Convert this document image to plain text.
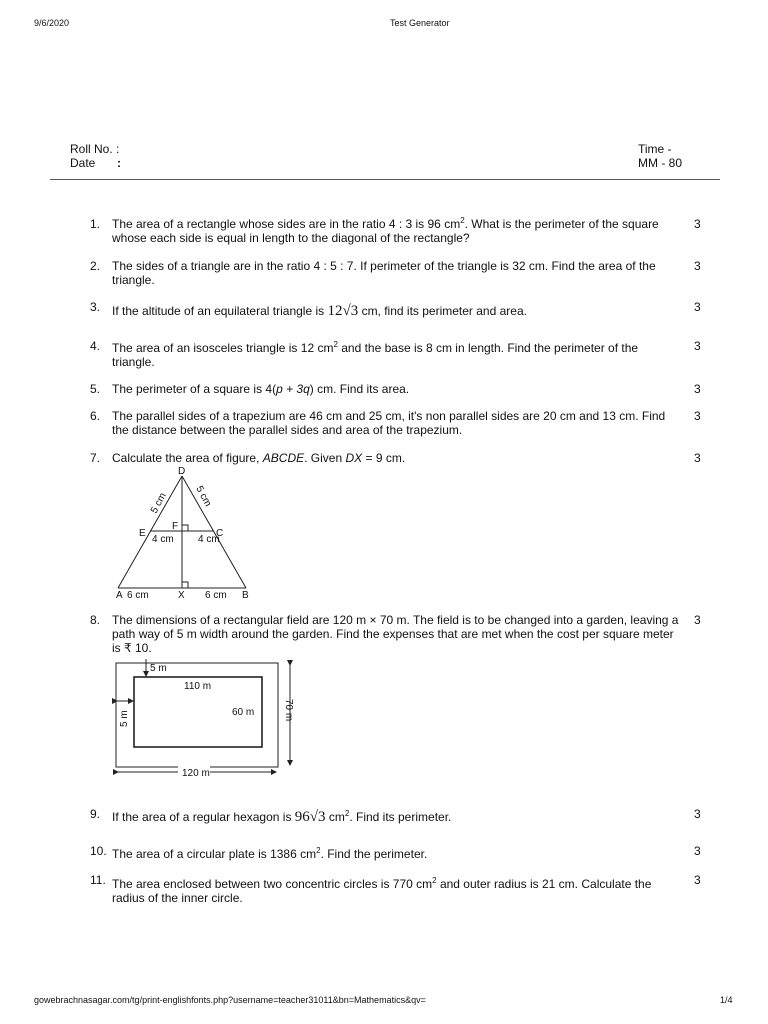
9/6/2020	Test Generator
Roll No. :
Date :
Time -
MM - 80
1. The area of a rectangle whose sides are in the ratio 4 : 3 is 96 $cm^2$. What is the perimeter of the square whose each side is equal in length to the diagonal of the rectangle?
3
2. The sides of a triangle are in the ratio 4 : 5 : 7. If perimeter of the triangle is 32 cm. Find the area of the triangle.
3
3. If the altitude of an equilateral triangle is 12√3 cm, find its perimeter and area.	3
4. The area of an isosceles triangle is 12 $cm^2$ and the base is 8 cm in length. Find the perimeter of the triangle.
3
5. The perimeter of a square is 4(p + 3q) cm. Find its area.	3
6. The parallel sides of a trapezium are 46 cm and 25 cm, it's non parallel sides are 20 cm and 13 cm. Find the distance between the parallel sides and area of the trapezium.
3
7. Calculate the area of figure, ABCDE. Given DX = 9 cm.	3
D
E
F
C
A	X	B
5 cm 5 cm
4 cm 4 cm
6 cm	6 cm
8. The dimensions of a rectangular field are 120 m × 70 m. The field is to be changed into a garden, leaving a path way of 5 m width around the garden. Find the expenses that are met when the cost per square meter is ₹ 10.
3
5 m
110 m
60 m
5 m	70 m
120 m
9. If the area of a regular hexagon is 96√3 $cm^2$. Find its perimeter.	3
10. The area of a circular plate is 1386 $cm^2$. Find the perimeter.	3
11. The area enclosed between two concentric circles is 770 $cm^2$ and outer radius is 21 cm. Calculate the radius of the inner circle.
3
gowebrachnasagar.com/tg/print-englishfonts.php?username=teacher31011&bn=Mathematics&qv=	1/4
